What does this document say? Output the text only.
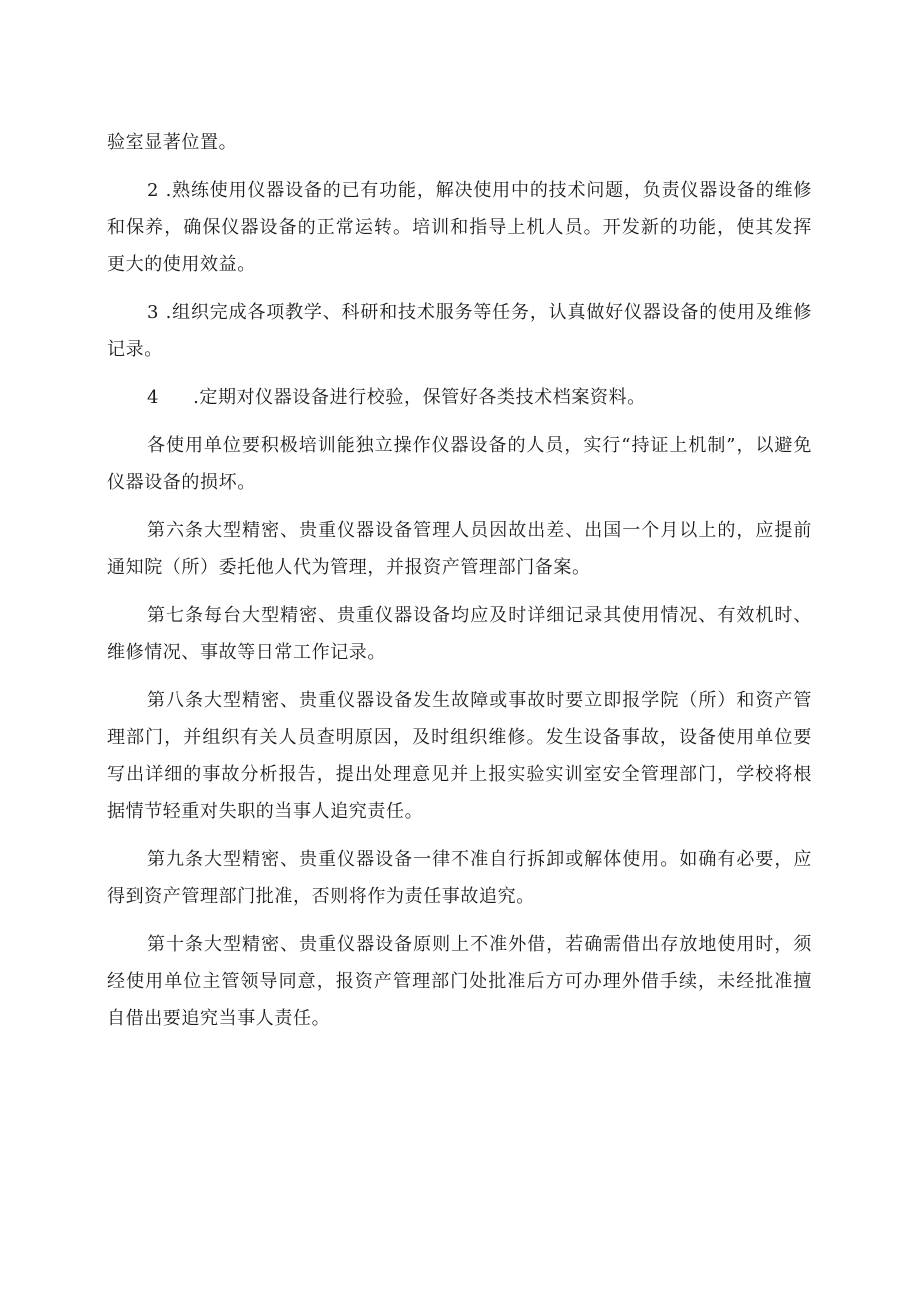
验室显著位置。

2 .熟练使用仪器设备的已有功能，解决使用中的技术问题，负责仪器设备的维修和保养，确保仪器设备的正常运转。培训和指导上机人员。开发新的功能，使其发挥更大的使用效益。

3 .组织完成各项教学、科研和技术服务等任务，认真做好仪器设备的使用及维修记录。

4 .定期对仪器设备进行校验，保管好各类技术档案资料。

各使用单位要积极培训能独立操作仪器设备的人员，实行“持证上机制”，以避免仪器设备的损坏。

第六条大型精密、贵重仪器设备管理人员因故出差、出国一个月以上的，应提前通知院（所）委托他人代为管理，并报资产管理部门备案。

第七条每台大型精密、贵重仪器设备均应及时详细记录其使用情况、有效机时、维修情况、事故等日常工作记录。

第八条大型精密、贵重仪器设备发生故障或事故时要立即报学院（所）和资产管理部门，并组织有关人员查明原因，及时组织维修。发生设备事故，设备使用单位要写出详细的事故分析报告，提出处理意见并上报实验实训室安全管理部门，学校将根据情节轻重对失职的当事人追究责任。

第九条大型精密、贵重仪器设备一律不准自行拆卸或解体使用。如确有必要，应得到资产管理部门批准，否则将作为责任事故追究。

第十条大型精密、贵重仪器设备原则上不准外借，若确需借出存放地使用时，须经使用单位主管领导同意，报资产管理部门处批准后方可办理外借手续，未经批准擅自借出要追究当事人责任。
